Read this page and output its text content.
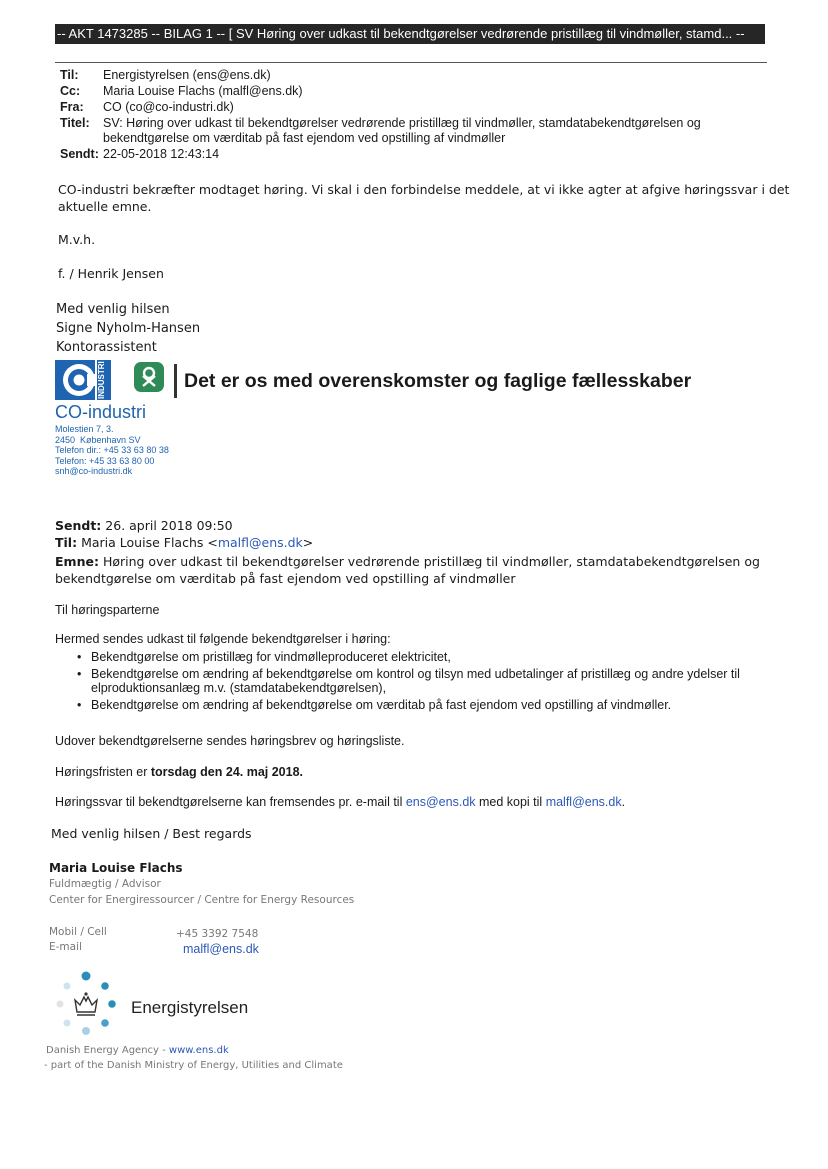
-- AKT 1473285 -- BILAG 1 -- [ SV Høring over udkast til bekendtgørelser vedrørende pristillæg til vindmøller, stamd... --
Til: Energistyrelsen (ens@ens.dk)
Cc: Maria Louise Flachs (malfl@ens.dk)
Fra: CO (co@co-industri.dk)
Titel: SV: Høring over udkast til bekendtgørelser vedrørende pristillæg til vindmøller, stamdatabekendtgørelsen og
bekendtgørelse om værditab på fast ejendom ved opstilling af vindmøller
Sendt: 22-05-2018 12:43:14
CO-industri bekræfter modtaget høring. Vi skal i den forbindelse meddele, at vi ikke agter at afgive høringssvar i det
aktuelle emne.
M.v.h.
f. / Henrik Jensen
Med venlig hilsen
Signe Nyholm-Hansen
Kontorassistent
INDUSTRI	Det er os med overenskomster og faglige fællesskaber
CO-industri
Molestien 7, 3.
2450  København SV
Telefon dir.: +45 33 63 80 38
Telefon: +45 33 63 80 00
snh@co-industri.dk
Sendt: 26. april 2018 09:50
Til: Maria Louise Flachs <malfl@ens.dk>
Emne: Høring over udkast til bekendtgørelser vedrørende pristillæg til vindmøller, stamdatabekendtgørelsen og
bekendtgørelse om værditab på fast ejendom ved opstilling af vindmøller
Til høringsparterne
Hermed sendes udkast til følgende bekendtgørelser i høring:
• Bekendtgørelse om pristillæg for vindmølleproduceret elektricitet,
• Bekendtgørelse om ændring af bekendtgørelse om kontrol og tilsyn med udbetalinger af pristillæg og andre ydelser til
elproduktionsanlæg m.v. (stamdatabekendtgørelsen),
• Bekendtgørelse om ændring af bekendtgørelse om værditab på fast ejendom ved opstilling af vindmøller.
Udover bekendtgørelserne sendes høringsbrev og høringsliste.
Høringsfristen er torsdag den 24. maj 2018.
Høringssvar til bekendtgørelserne kan fremsendes pr. e-mail til ens@ens.dk med kopi til malfl@ens.dk.
Med venlig hilsen / Best regards
Maria Louise Flachs
Fuldmægtig / Advisor
Center for Energiressourcer / Centre for Energy Resources
Mobil / Cell	+45 3392 7548
E-mail	malfl@ens.dk
Energistyrelsen
Danish Energy Agency - www.ens.dk
- part of the Danish Ministry of Energy, Utilities and Climate
